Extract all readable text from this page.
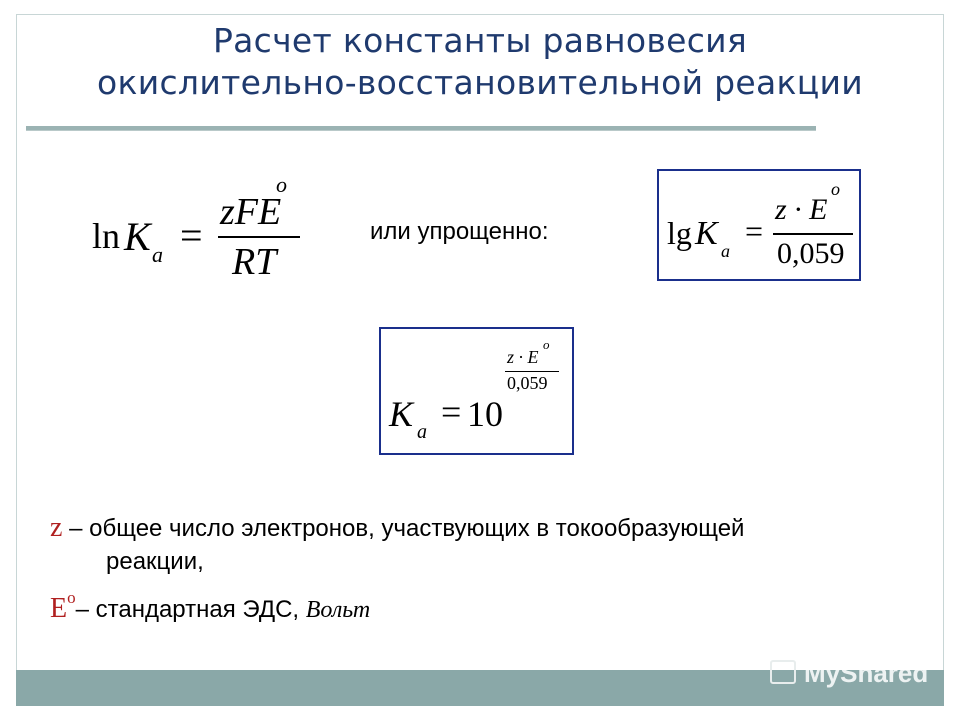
Расчет константы равновесия
окислительно-восстановительной реакции
ln K a =
zFE
o
RT
или упрощенно:	lg K a
=
z · E
o
0,059
K a = 10
z · E
o
0,059
z – общее число электронов, участвующих в токообразующей
реакции,
$E^o-$ стандартная ЭДС, Вольт
MyShared
